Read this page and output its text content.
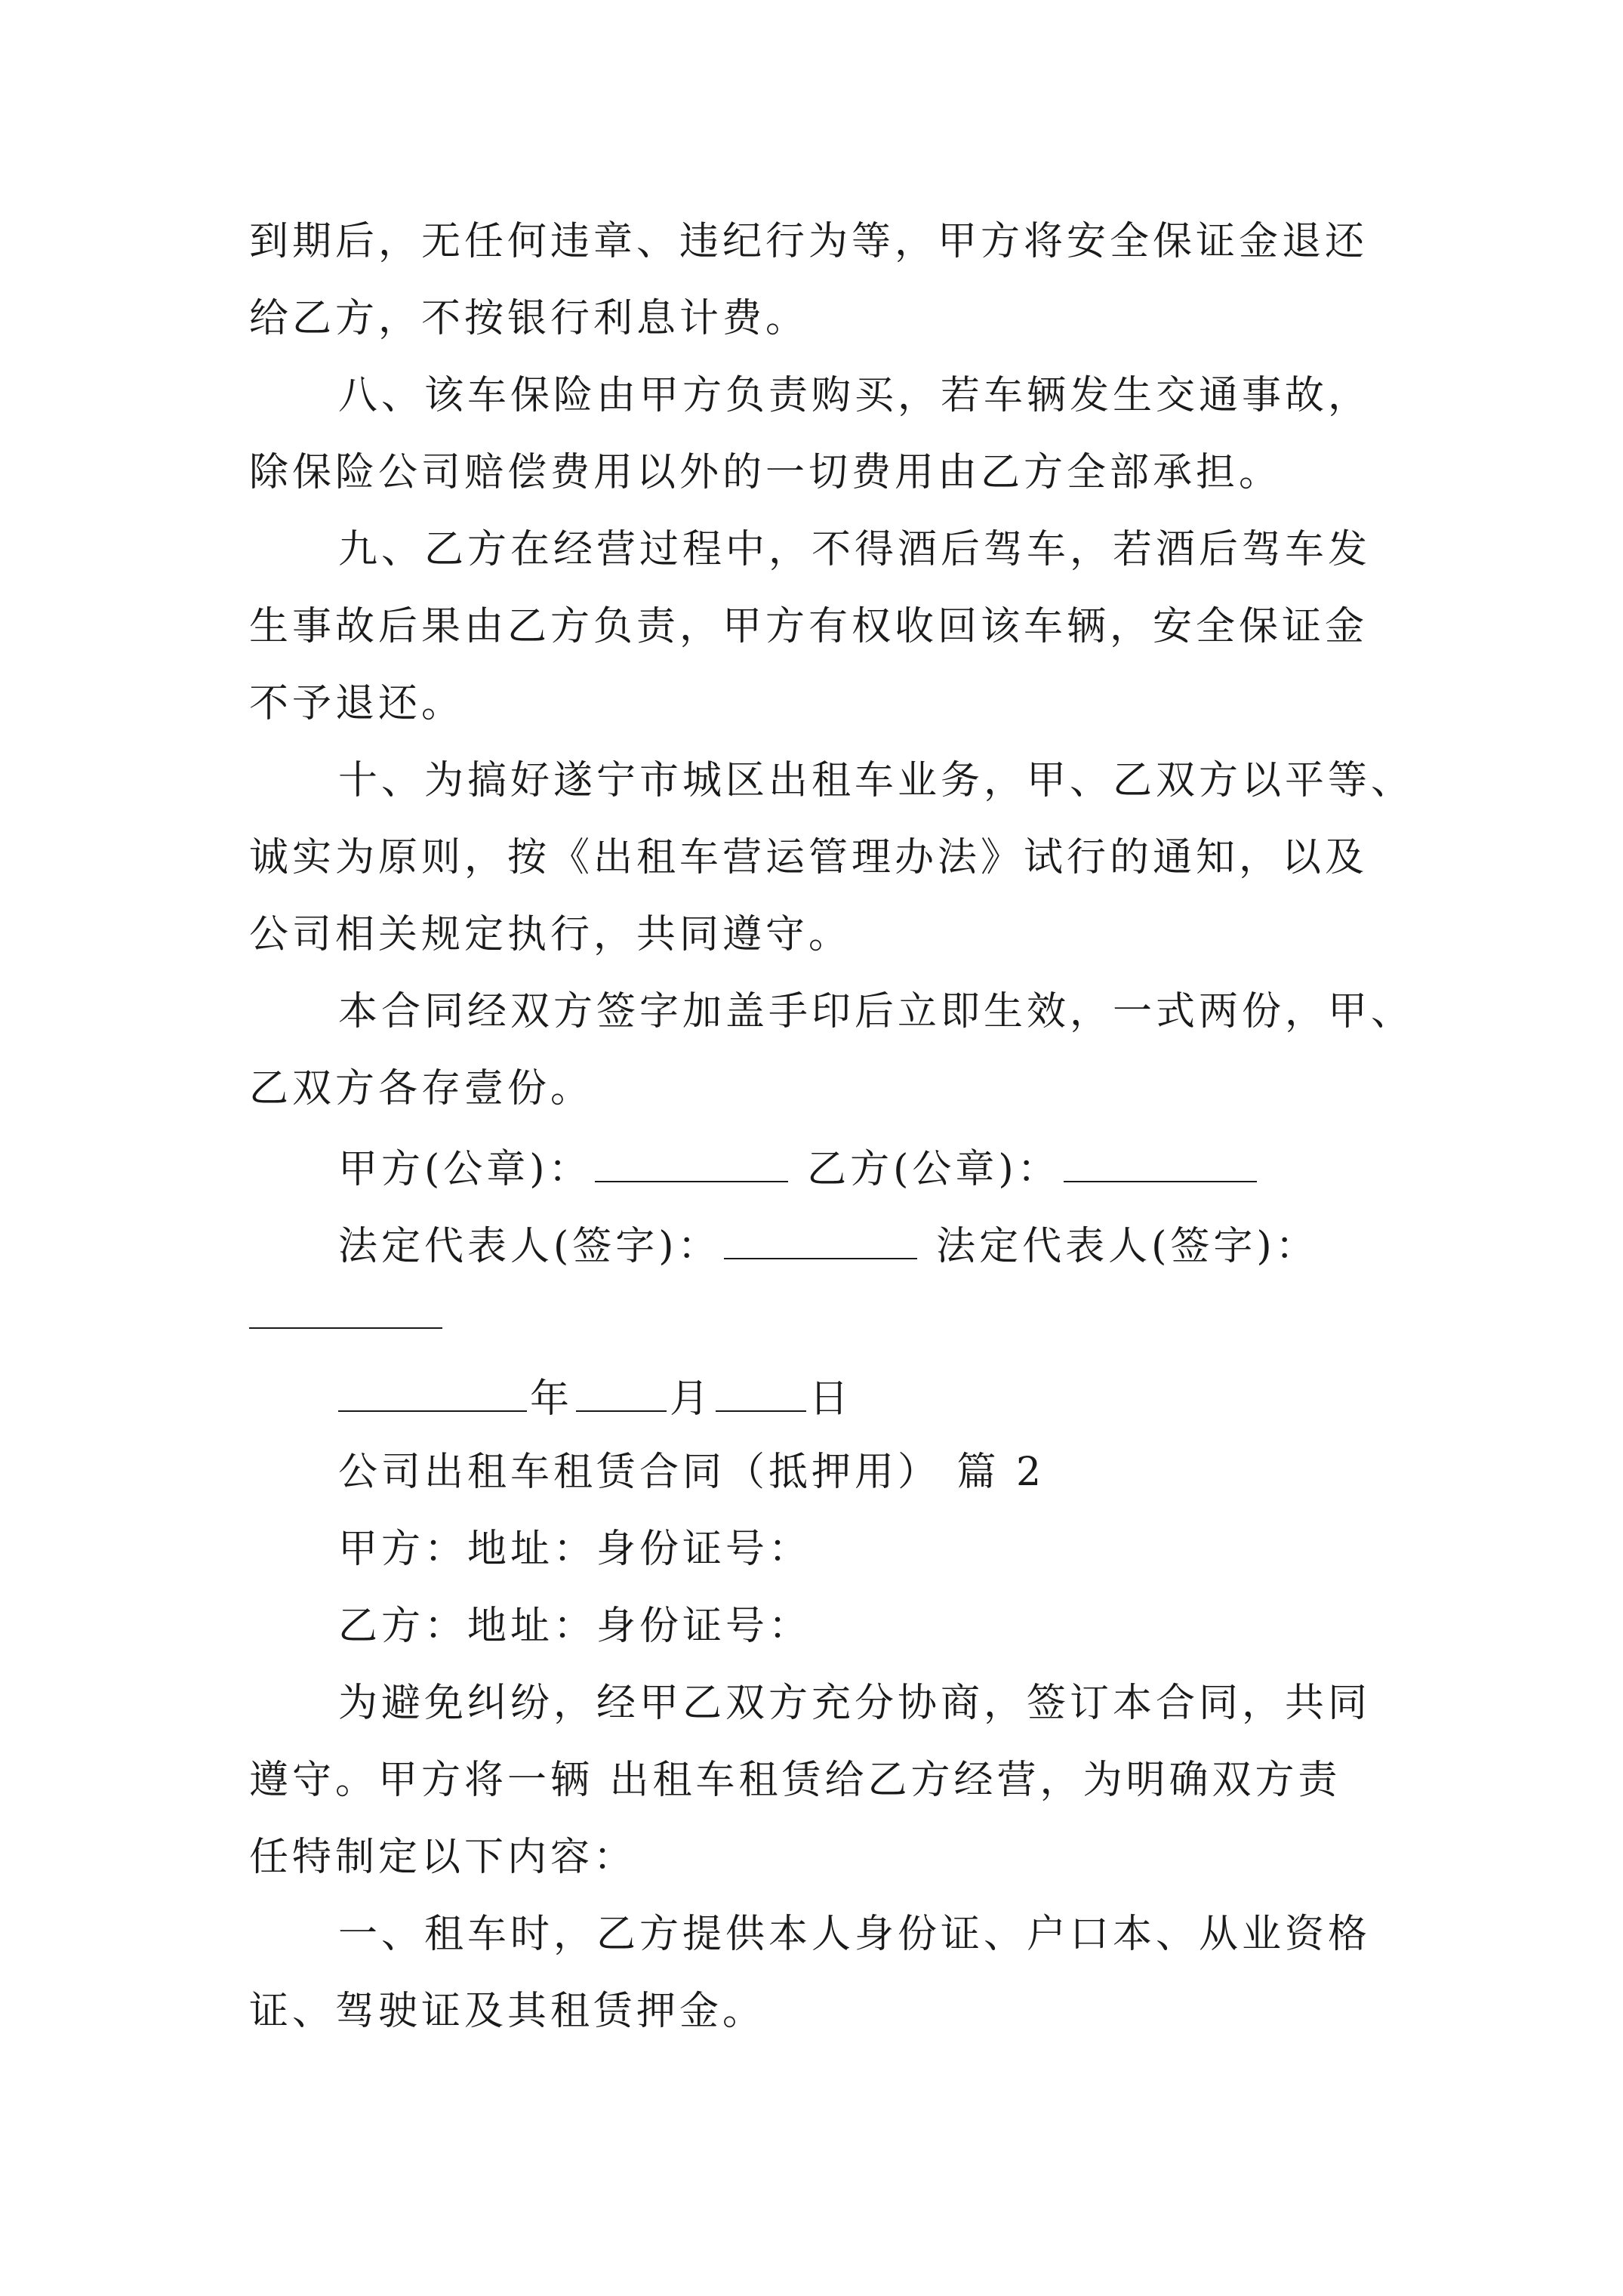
到期后，无任何违章、违纪行为等，甲方将安全保证金退还
给乙方，不按银行利息计费。
八、该车保险由甲方负责购买，若车辆发生交通事故，
除保险公司赔偿费用以外的一切费用由乙方全部承担。
九、乙方在经营过程中，不得酒后驾车，若酒后驾车发
生事故后果由乙方负责，甲方有权收回该车辆，安全保证金
不予退还。
十、为搞好遂宁市城区出租车业务，甲、乙双方以平等、
诚实为原则，按《出租车营运管理办法》试行的通知，以及
公司相关规定执行，共同遵守。
本合同经双方签字加盖手印后立即生效，一式两份，甲、
乙双方各存壹份。
甲方(公章)：	乙方(公章)：
法定代表人(签字)：	法定代表人(签字)：
年 月 日
公司出租车租赁合同（抵押用） 篇 2
甲方：地址：身份证号：
乙方：地址：身份证号：
为避免纠纷，经甲乙双方充分协商，签订本合同，共同
遵守。甲方将一辆 出租车租赁给乙方经营，为明确双方责
任特制定以下内容：
一、租车时，乙方提供本人身份证、户口本、从业资格
证、驾驶证及其租赁押金。
